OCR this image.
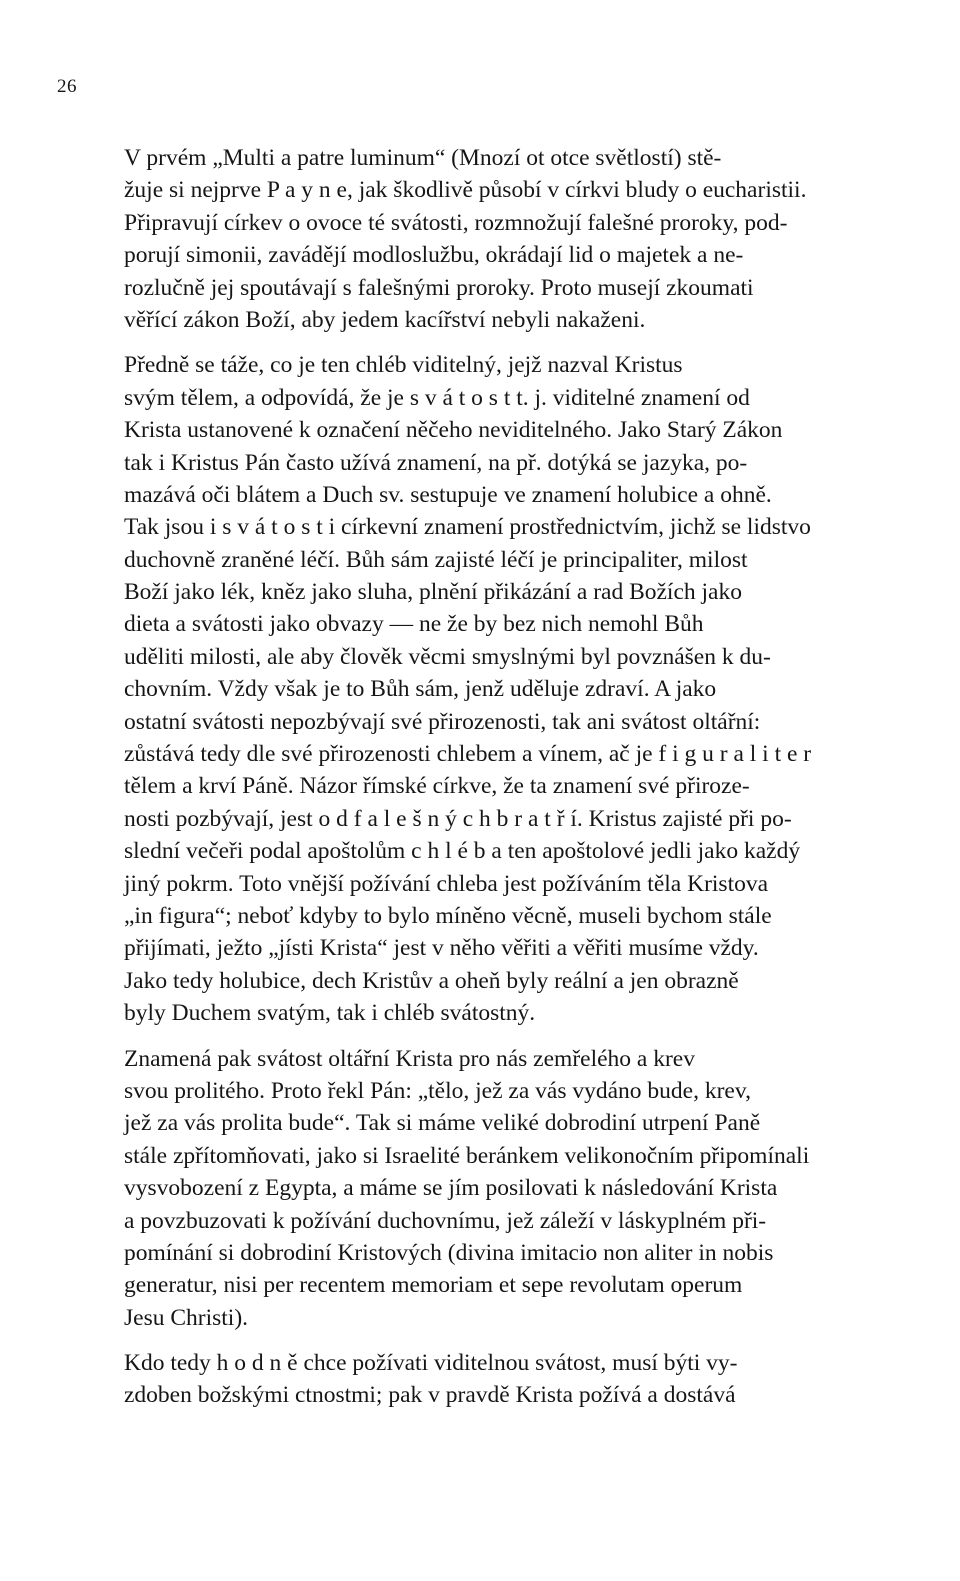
26

V prvém „Multi a patre luminum“ (Mnozí ot otce světlostí) stě-
žuje si nejprve P a y n e, jak škodlivě působí v církvi bludy o eucharistii.
Připravují církev o ovoce té svátosti, rozmnožují falešné proroky, pod-
porují simonii, zavádějí modloslužbu, okrádají lid o majetek a ne-
rozlučně jej spoutávají s falešnými proroky. Proto musejí zkoumati
věřící zákon Boží, aby jedem kacířství nebyli nakaženi.

Předně se táže, co je ten chléb viditelný, jejž nazval Kristus
svým tělem, a odpovídá, že je s v á t o s t t. j. viditelné znamení od
Krista ustanovené k označení něčeho neviditelného. Jako Starý Zákon
tak i Kristus Pán často užívá znamení, na př. dotýká se jazyka, po-
mazává oči blátem a Duch sv. sestupuje ve znamení holubice a ohně.
Tak jsou i s v á t o s t i církevní znamení prostřednictvím, jichž se lidstvo
duchovně zraněné léčí. Bůh sám zajisté léčí je principaliter, milost
Boží jako lék, kněz jako sluha, plnění přikázání a rad Božích jako
dieta a svátosti jako obvazy — ne že by bez nich nemohl Bůh
uděliti milosti, ale aby člověk věcmi smyslnými byl povznášen k du-
chovním. Vždy však je to Bůh sám, jenž uděluje zdraví. A jako
ostatní svátosti nepozbývají své přirozenosti, tak ani svátost oltářní:
zůstává tedy dle své přirozenosti chlebem a vínem, ač je f i g u r a l i t e r
tělem a krví Páně. Názor římské církve, že ta znamení své přiroze-
nosti pozbývají, jest o d f a l e š n ý c h b r a t ř í. Kristus zajisté při po-
slední večeři podal apoštolům c h l é b a ten apoštolové jedli jako každý
jiný pokrm. Toto vnější požívání chleba jest požíváním těla Kristova
„in figura“; neboť kdyby to bylo míněno věcně, museli bychom stále
přijímati, ježto „jísti Krista“ jest v něho věřiti a věřiti musíme vždy.
Jako tedy holubice, dech Kristův a oheň byly reální a jen obrazně
byly Duchem svatým, tak i chléb svátostný.

Znamená pak svátost oltářní Krista pro nás zemřelého a krev
svou prolitého. Proto řekl Pán: „tělo, jež za vás vydáno bude, krev,
jež za vás prolita bude“. Tak si máme veliké dobrodiní utrpení Paně
stále zpřítomňovati, jako si Israelité beránkem velikonočním připomínali
vysvobození z Egypta, a máme se jím posilovati k následování Krista
a povzbuzovati k požívání duchovnímu, jež záleží v láskyplném při-
pomínání si dobrodiní Kristových (divina imitacio non aliter in nobis
generatur, nisi per recentem memoriam et sepe revolutam operum
Jesu Christi).

Kdo tedy h o d n ě chce požívati viditelnou svátost, musí býti vy-
zdoben božskými ctnostmi; pak v pravdě Krista požívá a dostává
